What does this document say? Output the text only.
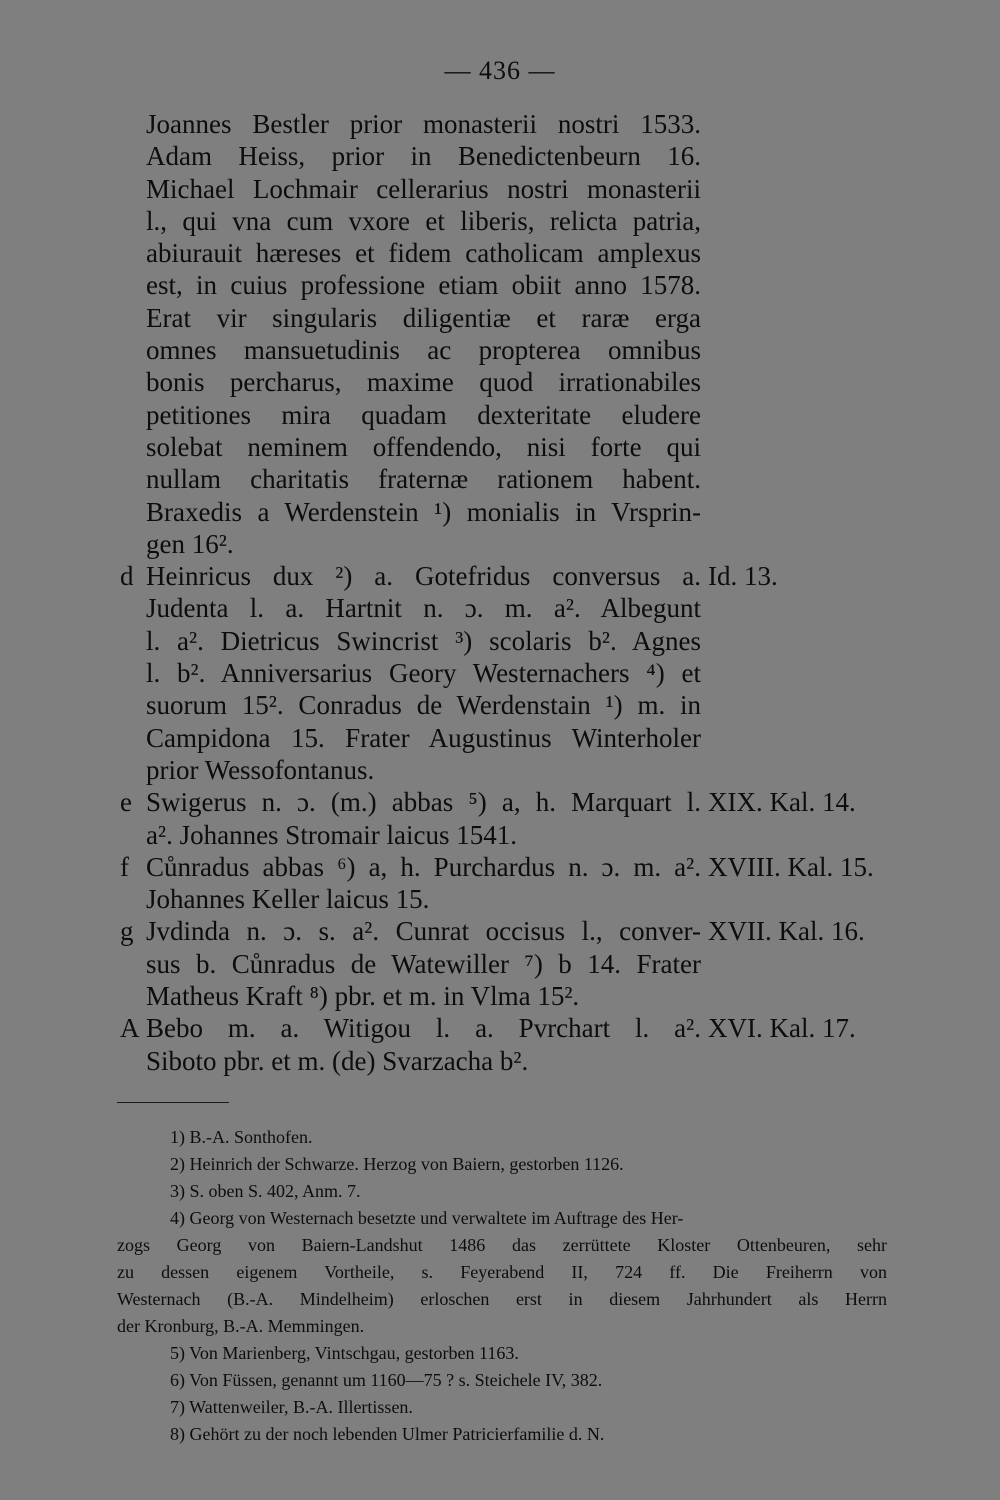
— 436 —
Joannes Bestler prior monasterii nostri 1533.
Adam Heiss, prior in Benedictenbeurn 16.
Michael Lochmair cellerarius nostri monasterii
l., qui vna cum vxore et liberis, relicta patria,
abiurauit hæreses et fidem catholicam amplexus
est, in cuius professione etiam obiit anno 1578.
Erat vir singularis diligentiæ et raræ erga
omnes mansuetudinis ac propterea omnibus
bonis percharus, maxime quod irrationabiles
petitiones mira quadam dexteritate eludere
solebat neminem offendendo, nisi forte qui
nullam charitatis fraternæ rationem habent.
Braxedis a Werdenstein ¹) monialis in Vrsprin-
gen 16².
d Heinricus dux ²) a. Gotefridus conversus a. Id. 13.
Judenta l. a. Hartnit n. ɔ. m. a². Albegunt
l. a². Dietricus Swincrist ³) scolaris b². Agnes
l. b². Anniversarius Geory Westernachers ⁴) et
suorum 15². Conradus de Werdenstain ¹) m. in
Campidona 15. Frater Augustinus Winterholer
prior Wessofontanus.
e Swigerus n. ɔ. (m.) abbas ⁵) a, h. Marquart l. XIX. Kal. 14.
a². Johannes Stromair laicus 1541.
f Cůnradus abbas ⁶) a, h. Purchardus n. ɔ. m. a². XVIII. Kal. 15.
Johannes Keller laicus 15.
g Jvdinda n. ɔ. s. a². Cunrat occisus l., conver- XVII. Kal. 16.
sus b. Cůnradus de Watewiller ⁷) b 14. Frater
Matheus Kraft ⁸) pbr. et m. in Vlma 15².
A Bebo m. a. Witigou l. a. Pvrchart l. a². XVI. Kal. 17.
Siboto pbr. et m. (de) Svarzacha b².
1) B.-A. Sonthofen.
2) Heinrich der Schwarze. Herzog von Baiern, gestorben 1126.
3) S. oben S. 402, Anm. 7.
4) Georg von Westernach besetzte und verwaltete im Auftrage des Her-
zogs Georg von Baiern-Landshut 1486 das zerrüttete Kloster Ottenbeuren, sehr
zu dessen eigenem Vortheile, s. Feyerabend II, 724 ff. Die Freiherrn von
Westernach (B.-A. Mindelheim) erloschen erst in diesem Jahrhundert als Herrn
der Kronburg, B.-A. Memmingen.
5) Von Marienberg, Vintschgau, gestorben 1163.
6) Von Füssen, genannt um 1160—75 ? s. Steichele IV, 382.
7) Wattenweiler, B.-A. Illertissen.
8) Gehört zu der noch lebenden Ulmer Patricierfamilie d. N.
